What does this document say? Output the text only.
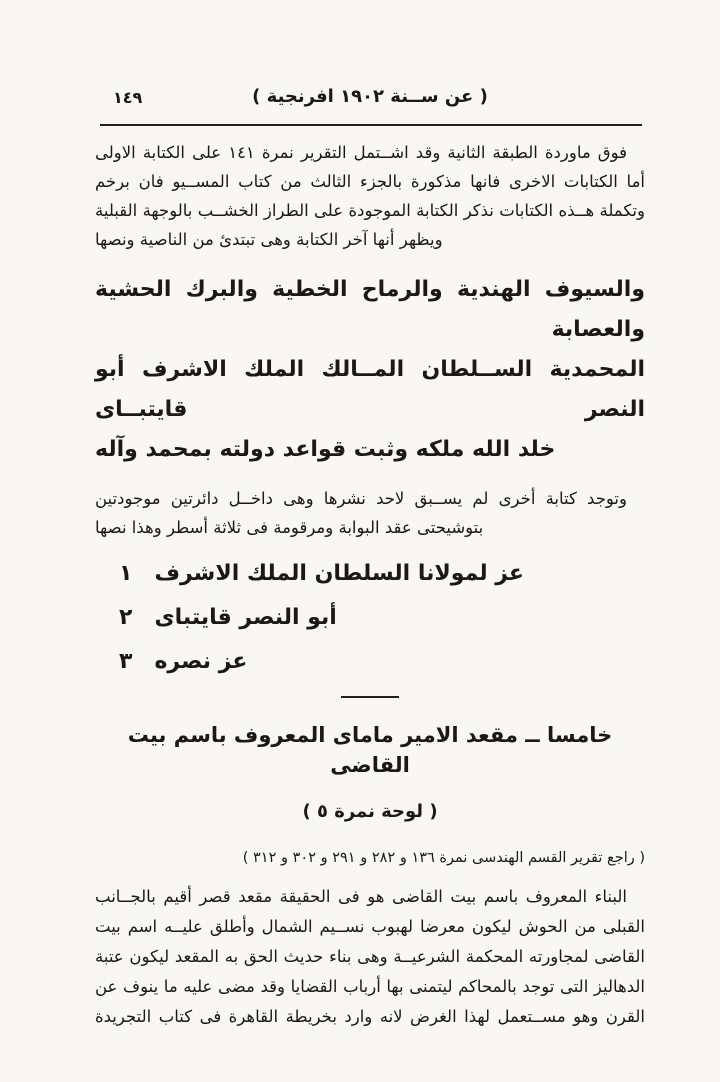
١٤٩	( عن ســنة ١٩٠٢ افرنجية )
فوق ماوردة الطبقة الثانية وقد اشــتمل التقرير نمرة ١٤١ على الكتابة الاولى
أما الكتابات الاخرى فانها مذكورة بالجزء الثالث من كتاب المســيو فان برخم
وتكملة هــذه الكتابات نذكر الكتابة الموجودة على الطراز الخشــب بالوجهة القبلية
ويظهر أنها آخر الكتابة وهى تبتدئ من الناصية ونصها
والسيوف الهندية والرماح الخطية والبرك الحشية والعصابة
المحمدية الســلطان المــالك الملك الاشرف أبو النصر قايتبــاى
خلد الله ملكه وثبت قواعد دولته بمحمد وآله
وتوجد كتابة أخرى لم يســبق لاحد نشرها وهى داخــل دائرتين موجودتين
بتوشيحتى عقد البوابة ومرقومة فى ثلاثة أسطر وهذا نصها
١ عز لمولانا السلطان الملك الاشرف
٢ أبو النصر قايتباى
٣ عز نصره
خامسا ــ مقعد الامير ماماى المعروف باسم بيت القاضى
( لوحة نمرة ٥ )
( راجع تقرير القسم الهندسى نمرة ١٣٦ و ٢٨٢ و ٢٩١ و ٣٠٢ و ٣١٢ )
البناء المعروف باسم بيت القاضى هو فى الحقيقة مقعد قصر أقيم بالجــانب
القبلى من الحوش ليكون معرضا لهبوب نســيم الشمال وأطلق عليــه اسم بيت
القاضى لمجاورته المحكمة الشرعيــة وهى بناء حديث الحق به المقعد ليكون عتبة
الدهاليز التى توجد بالمحاكم ليتمنى بها أرباب القضايا وقد مضى عليه ما ينوف عن
القرن وهو مســتعمل لهذا الغرض لانه وارد بخريطة القاهرة فى كتاب التجريدة
